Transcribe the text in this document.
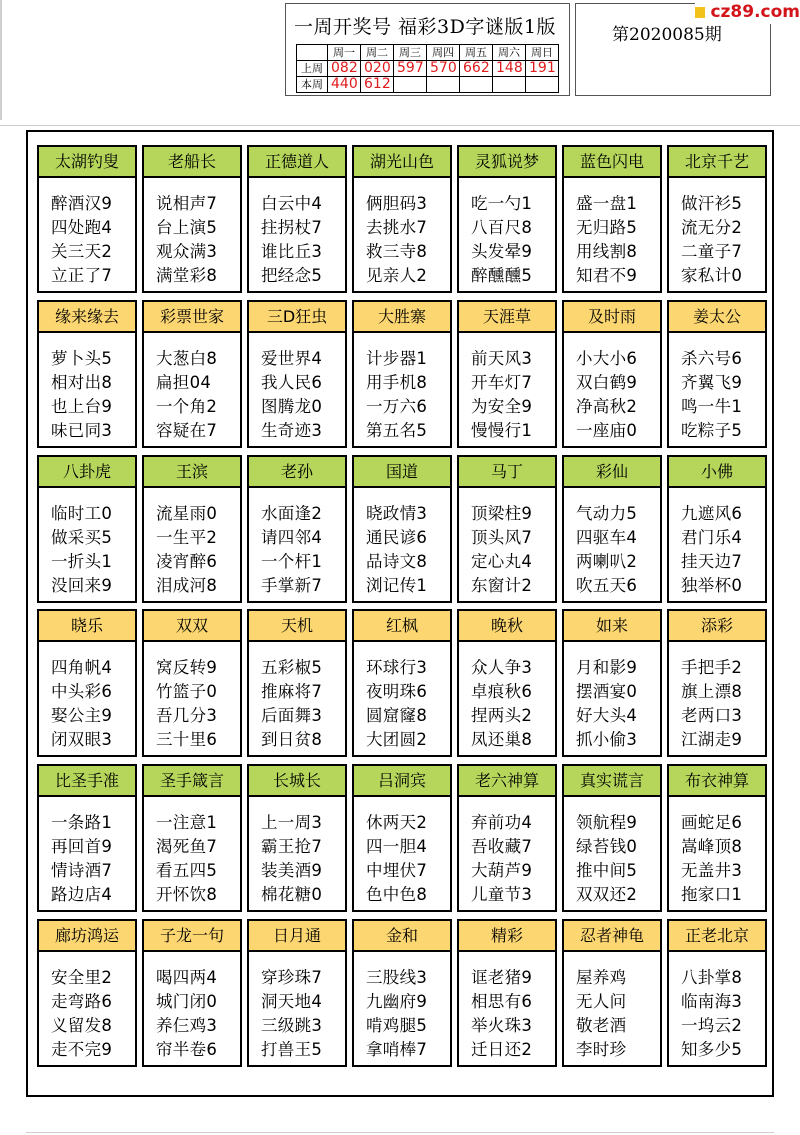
一周开奖号 福彩3D字谜版1版
	周一	周二	周三	周四	周五	周六	周日
上周	082	020	597	570	662	148	191
本周	440	612					
第2020085期
cz89.com
太湖钓叟
醉酒汉9
四处跑4
关三天2
立正了7
老船长
说相声7
台上演5
观众满3
满堂彩8
正德道人
白云中4
拄拐杖7
谁比丘3
把经念5
湖光山色
俩胆码3
去挑水7
救三寺8
见亲人2
灵狐说梦
吃一勺1
八百尺8
头发晕9
醉醺醺5
蓝色闪电
盛一盘1
无归路5
用线割8
知君不9
北京千艺
做汗衫5
流无分2
二童子7
家私计0
缘来缘去
萝卜头5
相对出8
也上台9
味已同3
彩票世家
大葱白8
扁担04
一个角2
容疑在7
三D狂虫
爱世界4
我人民6
图腾龙0
生奇迹3
大胜寨
计步器1
用手机8
一万六6
第五名5
天涯草
前天风3
开车灯7
为安全9
慢慢行1
及时雨
小大小6
双白鹤9
净高秋2
一座庙0
姜太公
杀六号6
齐翼飞9
鸣一牛1
吃粽子5
八卦虎
临时工0
做采买5
一折头1
没回来9
王滨
流星雨0
一生平2
凌宵醉6
泪成河8
老孙
水面逢2
请四邻4
一个杆1
手掌新7
国道
晓政情3
通民谚6
品诗文8
浏记传1
马丁
顶梁柱9
顶头风7
定心丸4
东窗计2
彩仙
气动力5
四驱车4
两喇叭2
吹五天6
小佛
九遮风6
君门乐4
挂天边7
独举杯0
晓乐
四角帆4
中头彩6
娶公主9
闭双眼3
双双
窝反转9
竹篮子0
吾几分3
三十里6
天机
五彩椒5
推麻将7
后面舞3
到日贫8
红枫
环球行3
夜明珠6
圆窟窿8
大团圆2
晚秋
众人争3
卓痕秋6
捏两头2
凤还巢8
如来
月和影9
摆酒宴0
好大头4
抓小偷3
添彩
手把手2
旗上漂8
老两口3
江湖走9
比圣手准
一条路1
再回首9
情诗酒7
路边店4
圣手箴言
一注意1
渴死鱼7
看五四5
开怀饮8
长城长
上一周3
霸王抢7
装美酒9
棉花糖0
吕洞宾
休两天2
四一胆4
中埋伏7
色中色8
老六神算
弃前功4
吾收藏7
大葫芦9
儿童节3
真实谎言
领航程9
绿苔钱0
推中间5
双双还2
布衣神算
画蛇足6
嵩峰顶8
无盖井3
拖家口1
廊坊鸿运
安全里2
走弯路6
义留发8
走不完9
子龙一句
喝四两4
城门闭0
养仨鸡3
帘半卷6
日月通
穿珍珠7
洞天地4
三级跳3
打兽王5
金和
三股线3
九幽府9
啃鸡腿5
拿哨棒7
精彩
诓老猪9
相思有6
举火珠3
迁日还2
忍者神龟
屋养鸡
无人问
敬老酒
李时珍
正老北京
八卦掌8
临南海3
一坞云2
知多少5
